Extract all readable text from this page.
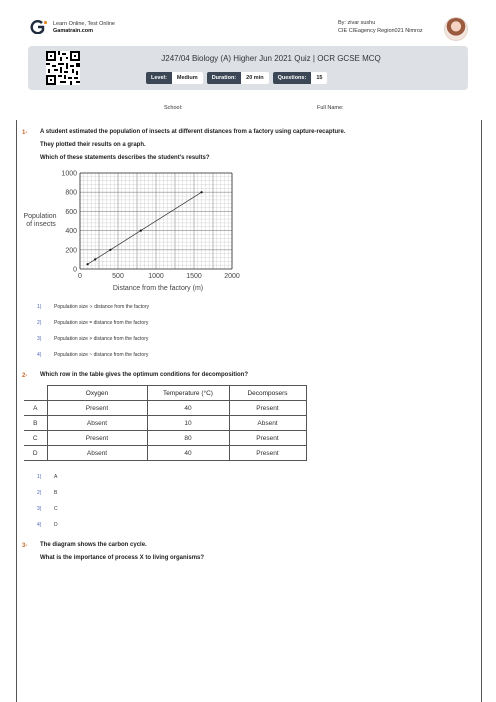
Learn Online, Test Online
Gamatrain.com
By: zivar sushu
CIE CIEagency Region021 Nimroz
J247/04 Biology (A) Higher Jun 2021 Quiz | OCR GCSE MCQ
Level:	Medium	Duration:	20 min	Questions:	15
School:	Full Name:
1- A student estimated the population of insects at different distances from a factory using capture-recapture.
They plotted their results on a graph.
Which of these statements describes the student’s results?
0	500	1000	1500	2000
0
200
400
600
800
1000
Population of insects
Distance from the factory (m)
1)	Population size ∝ distance from the factory
2)	Population size = distance from the factory
3)	Population size > distance from the factory
4)	Population size ~ distance from the factory
2- Which row in the table gives the optimum conditions for decomposition?
	Oxygen	Temperature (°C)	Decomposers
A	Present	40	Present
B	Absent	10	Absent
C	Present	80	Present
D	Absent	40	Present
1)	A
2)	B
3)	C
4)	D
3- The diagram shows the carbon cycle.
What is the importance of process X to living organisms?
